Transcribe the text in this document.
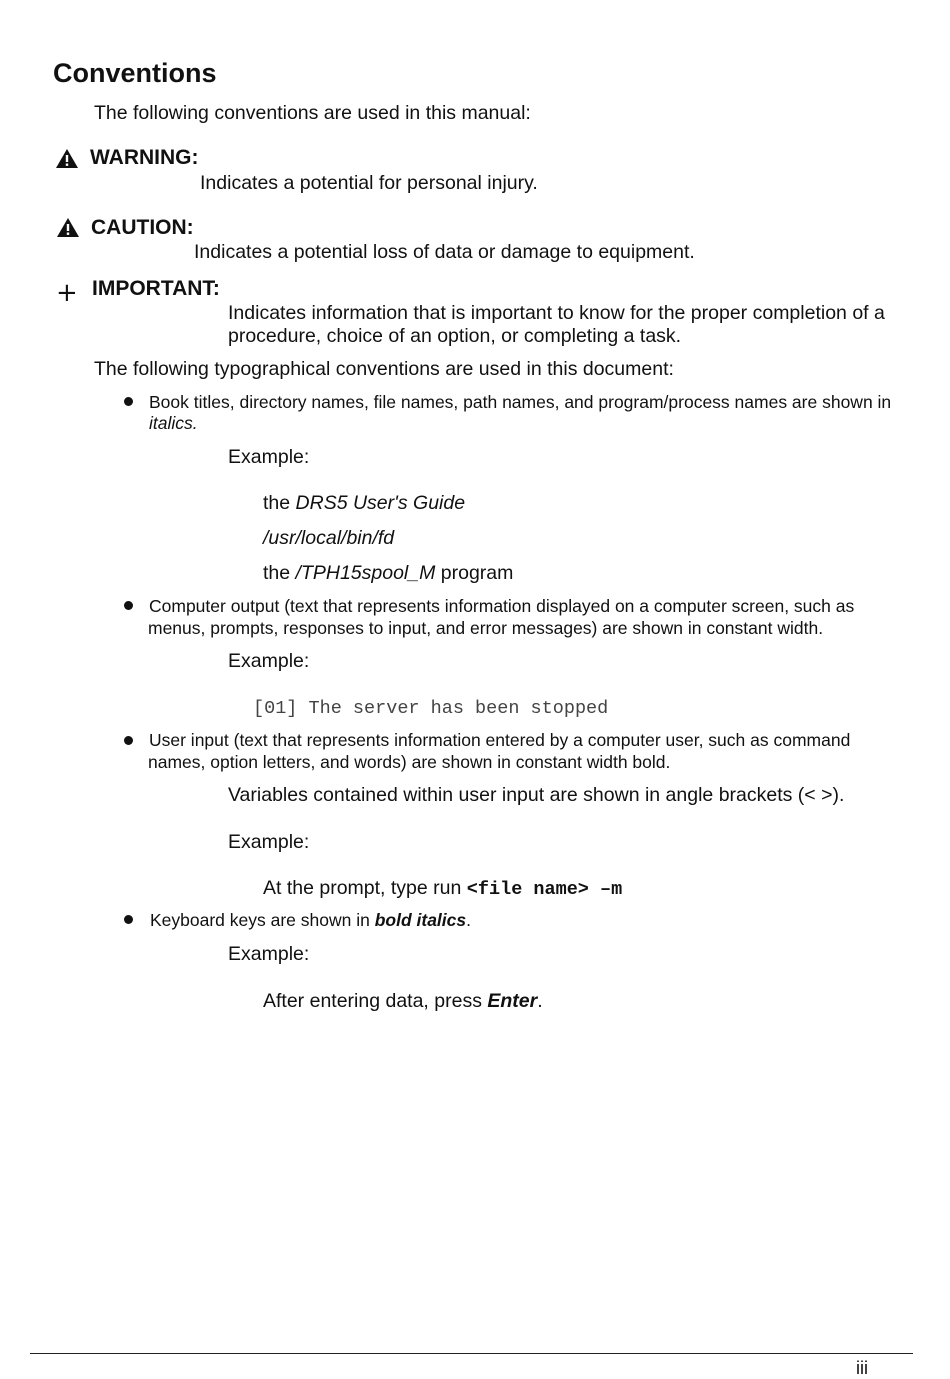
Conventions
The following conventions are used in this manual:
WARNING:
Indicates a potential for personal injury.
CAUTION:
Indicates a potential loss of data or damage to equipment.
+ IMPORTANT:
Indicates information that is important to know for the proper completion of a
procedure, choice of an option, or completing a task.
The following typographical conventions are used in this document:
Book titles, directory names, file names, path names, and program/process names are shown in
italics.
Example:
the DRS5 User's Guide
/usr/local/bin/fd
the /TPH15spool_M program
Computer output (text that represents information displayed on a computer screen, such as
menus, prompts, responses to input, and error messages) are shown in constant width.
Example:
[01] The server has been stopped
User input (text that represents information entered by a computer user, such as command
names, option letters, and words) are shown in constant width bold.
Variables contained within user input are shown in angle brackets (< >).
Example:
At the prompt, type run <file name> –m
Keyboard keys are shown in bold italics.
Example:
After entering data, press Enter.
iii
